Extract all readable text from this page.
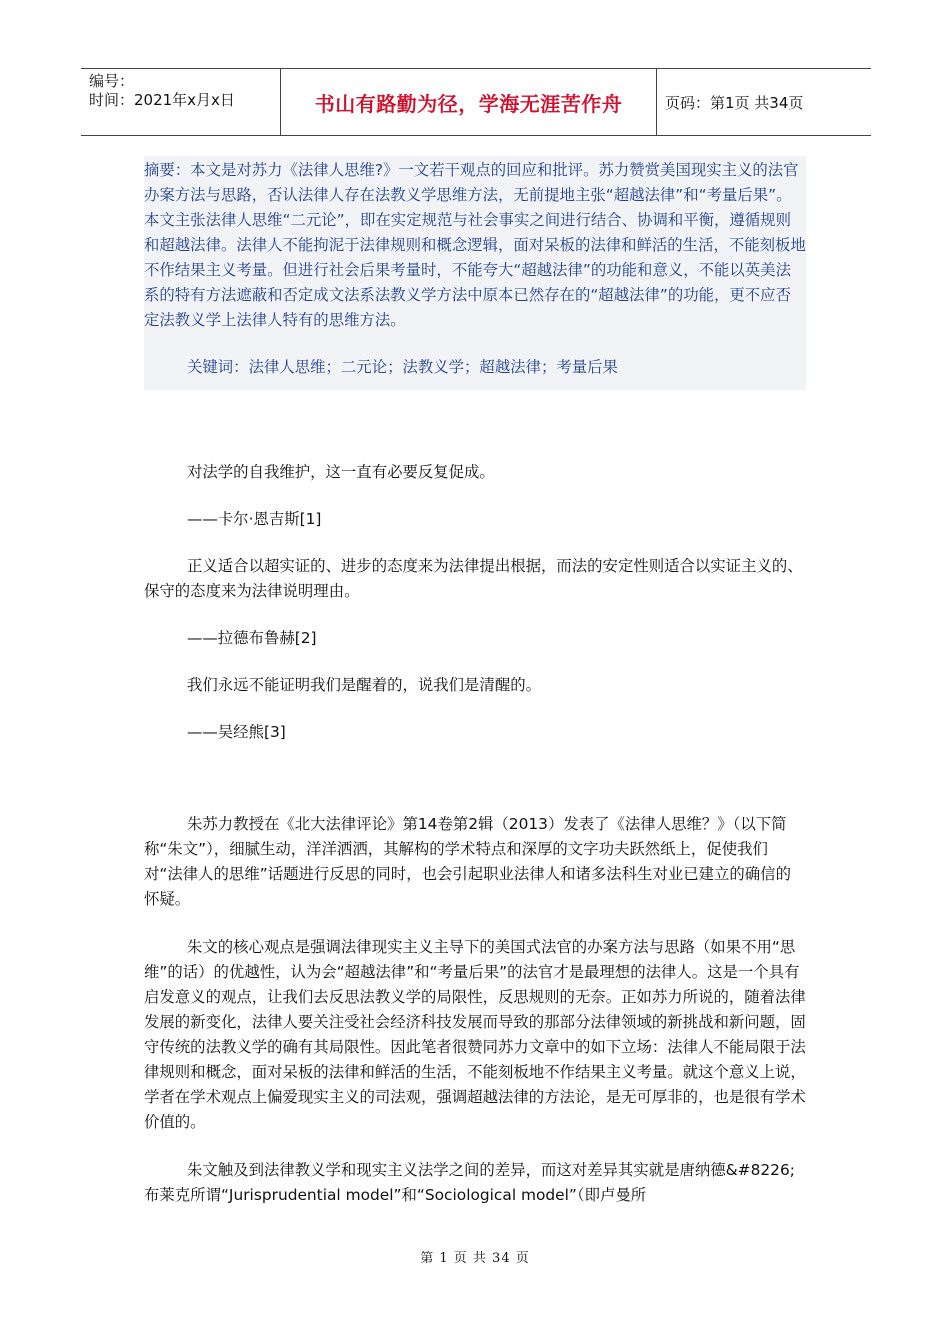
编号：
时间：2021年x月x日	书山有路勤为径，学海无涯苦作舟	页码：第1页 共34页

摘要：本文是对苏力《法律人思维?》一文若干观点的回应和批评。苏力赞赏美国现实主义的法官办案方法与思路，否认法律人存在法教义学思维方法，无前提地主张“超越法律”和“考量后果”。本文主张法律人思维“二元论”，即在实定规范与社会事实之间进行结合、协调和平衡，遵循规则和超越法律。法律人不能拘泥于法律规则和概念逻辑，面对呆板的法律和鲜活的生活，不能刻板地不作结果主义考量。但进行社会后果考量时，不能夸大“超越法律”的功能和意义，不能以英美法系的特有方法遮蔽和否定成文法系法教义学方法中原本已然存在的“超越法律”的功能，更不应否定法教义学上法律人特有的思维方法。

关键词：法律人思维；二元论；法教义学；超越法律；考量后果

对法学的自我维护，这一直有必要反复促成。

——卡尔·恩吉斯[1]

正义适合以超实证的、进步的态度来为法律提出根据，而法的安定性则适合以实证主义的、保守的态度来为法律说明理由。

——拉德布鲁赫[2]

我们永远不能证明我们是醒着的，说我们是清醒的。

——吴经熊[3]

朱苏力教授在《北大法律评论》第14卷第2辑（2013）发表了《法律人思维？》（以下简称“朱文”），细腻生动，洋洋洒洒，其解构的学术特点和深厚的文字功夫跃然纸上，促使我们对“法律人的思维”话题进行反思的同时，也会引起职业法律人和诸多法科生对业已建立的确信的怀疑。

朱文的核心观点是强调法律现实主义主导下的美国式法官的办案方法与思路（如果不用“思维”的话）的优越性，认为会“超越法律”和“考量后果”的法官才是最理想的法律人。这是一个具有启发意义的观点，让我们去反思法教义学的局限性，反思规则的无奈。正如苏力所说的，随着法律发展的新变化，法律人要关注受社会经济科技发展而导致的那部分法律领域的新挑战和新问题，固守传统的法教义学的确有其局限性。因此笔者很赞同苏力文章中的如下立场：法律人不能局限于法律规则和概念，面对呆板的法律和鲜活的生活，不能刻板地不作结果主义考量。就这个意义上说，学者在学术观点上偏爱现实主义的司法观，强调超越法律的方法论，是无可厚非的，也是很有学术价值的。

朱文触及到法律教义学和现实主义法学之间的差异，而这对差异其实就是唐纳德&#8226;布莱克所谓“Jurisprudential model”和“Sociological model”（即卢曼所

第 1 页 共 34 页
